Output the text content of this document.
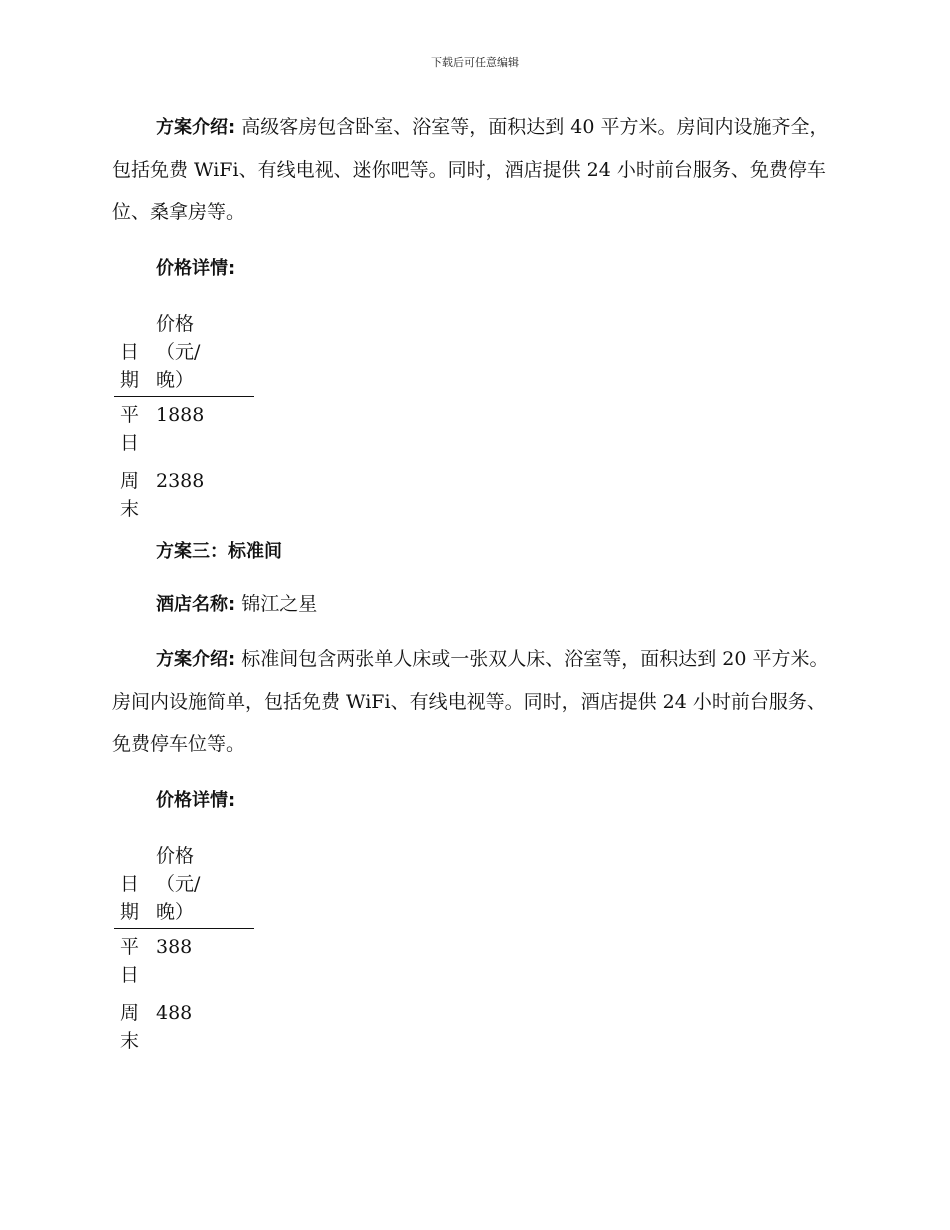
下载后可任意编辑

方案介绍: 高级客房包含卧室、浴室等，面积达到 40 平方米。房间内设施齐全，包括免费 WiFi、有线电视、迷你吧等。同时，酒店提供 24 小时前台服务、免费停车位、桑拿房等。

价格详情:
日期
价格（元/晚）
平日
1888
周末
2388
方案三：标准间

酒店名称: 锦江之星

方案介绍: 标准间包含两张单人床或一张双人床、浴室等，面积达到 20 平方米。房间内设施简单，包括免费 WiFi、有线电视等。同时，酒店提供 24 小时前台服务、免费停车位等。

价格详情:
日期
价格（元/晚）
平日
388
周末
488
